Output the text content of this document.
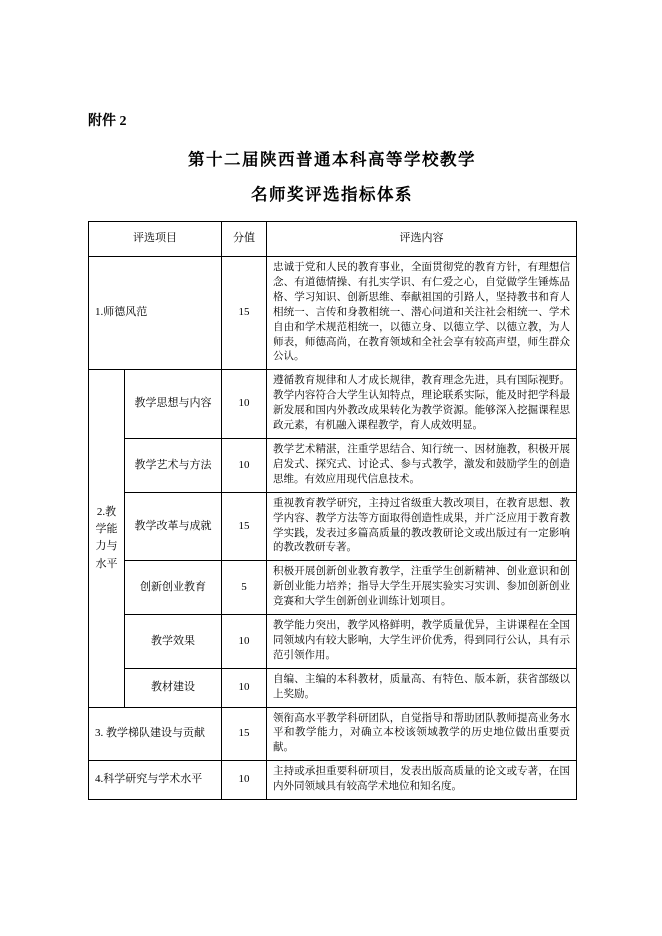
附件 2

第十二届陕西普通本科高等学校教学
名师奖评选指标体系
评选项目		分值	评选内容
1.师德风范		15	忠诚于党和人民的教育事业，全面贯彻党的教育方针，有理想信念、有道德情操、有扎实学识、有仁爱之心，自觉做学生锤炼品格、学习知识、创新思维、奉献祖国的引路人，坚持教书和育人相统一、言传和身教相统一、潜心问道和关注社会相统一、学术自由和学术规范相统一，以德立身、以德立学、以德立教，为人师表，师德高尚，在教育领域和全社会享有较高声望，师生群众公认。
2.教学能力与水平	教学思想与内容	10	遵循教育规律和人才成长规律，教育理念先进，具有国际视野。教学内容符合大学生认知特点，理论联系实际，能及时把学科最新发展和国内外教改成果转化为教学资源。能够深入挖掘课程思政元素，有机融入课程教学，育人成效明显。
	教学艺术与方法	10	教学艺术精湛，注重学思结合、知行统一、因材施教，积极开展启发式、探究式、讨论式、参与式教学，激发和鼓励学生的创造思维。有效应用现代信息技术。
	教学改革与成就	15	重视教育教学研究，主持过省级重大教改项目，在教育思想、教学内容、教学方法等方面取得创造性成果，并广泛应用于教育教学实践，发表过多篇高质量的教改教研论文或出版过有一定影响的教改教研专著。
	创新创业教育	5	积极开展创新创业教育教学，注重学生创新精神、创业意识和创新创业能力培养；指导大学生开展实验实习实训、参加创新创业竞赛和大学生创新创业训练计划项目。
	教学效果	10	教学能力突出，教学风格鲜明，教学质量优异，主讲课程在全国同领域内有较大影响，大学生评价优秀，得到同行公认，具有示范引领作用。
	教材建设	10	自编、主编的本科教材，质量高、有特色、版本新，获省部级以上奖励。
3. 教学梯队建设与贡献		15	领衔高水平教学科研团队，自觉指导和帮助团队教师提高业务水平和教学能力，对确立本校该领域教学的历史地位做出重要贡献。
4.科学研究与学术水平		10	主持或承担重要科研项目，发表出版高质量的论文或专著，在国内外同领域具有较高学术地位和知名度。
